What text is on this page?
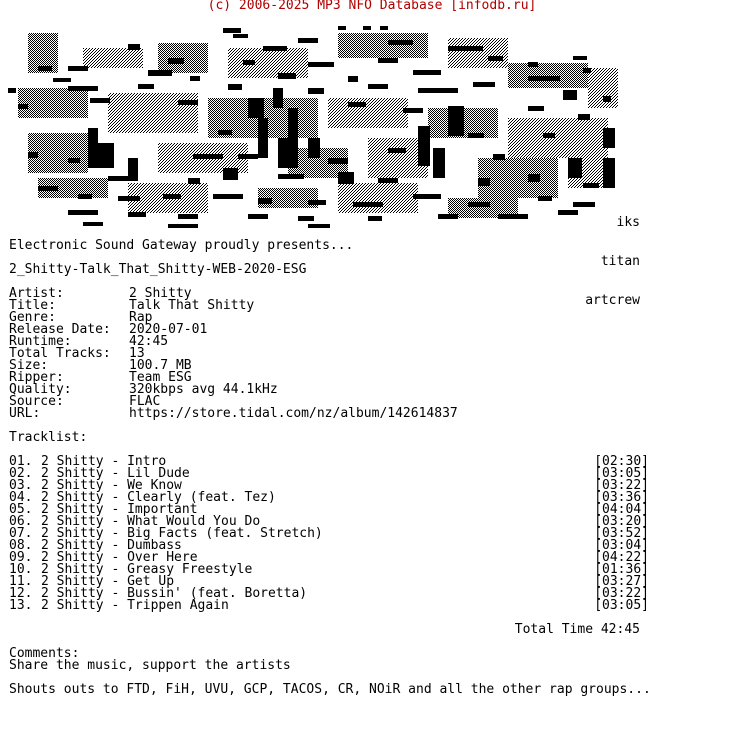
(c) 2006-2025 MP3 NFO Database [infodb.ru]

iks

titan

artcrew

Electronic Sound Gateway proudly presents...
2_Shitty-Talk_That_Shitty-WEB-2020-ESG
Artist:	2 Shitty
Title:	Talk That Shitty
Genre:	Rap
Release Date: 2020-07-01
Runtime:	42:45
Total Tracks: 13
Size:	100.7 MB
Ripper:	Team ESG
Quality:	320kbps avg 44.1kHz
Source:	FLAC
URL:	https://store.tidal.com/nz/album/142614837
Tracklist:
01. 2 Shitty - Intro	[02:30]
02. 2 Shitty - Lil Dude	[03:05]
03. 2 Shitty - We Know	[03:22]
04. 2 Shitty - Clearly (feat. Tez)	[03:36]
05. 2 Shitty - Important	[04:04]
06. 2 Shitty - What Would You Do	[03:20]
07. 2 Shitty - Big Facts (feat. Stretch)	[03:52]
08. 2 Shitty - Dumbass	[03:04]
09. 2 Shitty - Over Here	[04:22]
10. 2 Shitty - Greasy Freestyle	[01:36]
11. 2 Shitty - Get Up	[03:27]
12. 2 Shitty - Bussin' (feat. Boretta)	[03:22]
13. 2 Shitty - Trippen Again	[03:05]
Total Time 42:45
Comments:
Share the music, support the artists
Shouts outs to FTD, FiH, UVU, GCP, TACOS, CR, NOiR and all the other rap groups...
